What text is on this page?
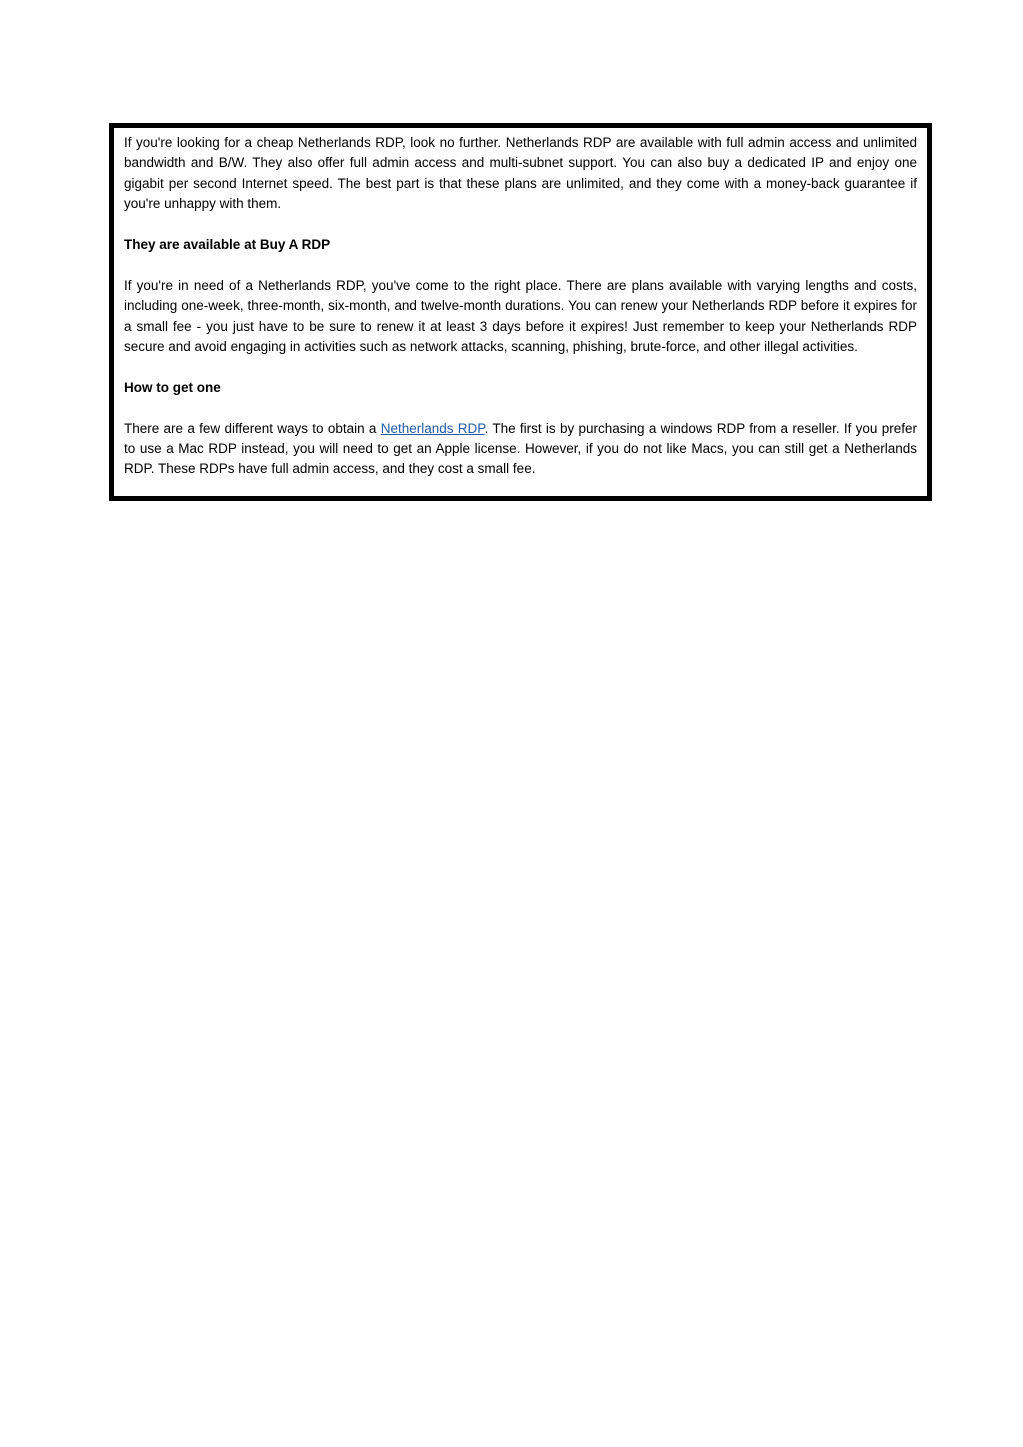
If you're looking for a cheap Netherlands RDP, look no further. Netherlands RDP are available with full admin access and unlimited bandwidth and B/W. They also offer full admin access and multi-subnet support. You can also buy a dedicated IP and enjoy one gigabit per second Internet speed. The best part is that these plans are unlimited, and they come with a money-back guarantee if you're unhappy with them.

They are available at Buy A RDP

If you're in need of a Netherlands RDP, you've come to the right place. There are plans available with varying lengths and costs, including one-week, three-month, six-month, and twelve-month durations. You can renew your Netherlands RDP before it expires for a small fee - you just have to be sure to renew it at least 3 days before it expires! Just remember to keep your Netherlands RDP secure and avoid engaging in activities such as network attacks, scanning, phishing, brute-force, and other illegal activities.

How to get one

There are a few different ways to obtain a Netherlands RDP. The first is by purchasing a windows RDP from a reseller. If you prefer to use a Mac RDP instead, you will need to get an Apple license. However, if you do not like Macs, you can still get a Netherlands RDP. These RDPs have full admin access, and they cost a small fee.
